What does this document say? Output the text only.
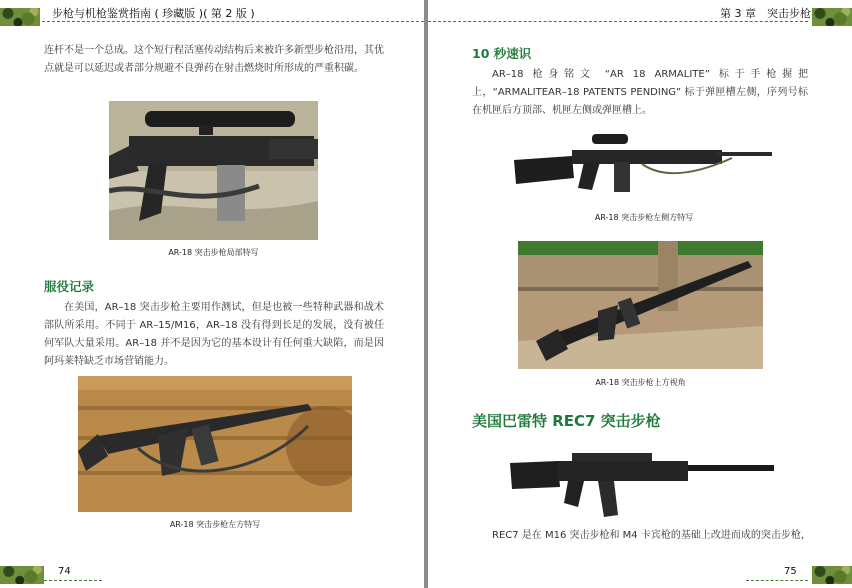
步枪与机枪鉴赏指南 ( 珍藏版 )( 第 2 版 )
连杆不是一个总成。这个短行程活塞传动结构后来被许多新型步枪沿用，其优点就是可以延迟或者部分规避不良弹药在射击燃烧时所形成的严重积碳。
AR-18 突击步枪局部特写
服役记录
在美国，AR–18 突击步枪主要用作测试，但是也被一些特种武器和战术部队所采用。不同于 AR–15/M16，AR–18 没有得到长足的发展，没有被任何军队大量采用。AR–18 并不是因为它的基本设计有任何重大缺陷，而是因阿玛莱特缺乏市场营销能力。
AR-18 突击步枪左方特写
74
第 3 章　突击步枪
10 秒速识
AR–18 枪身铭文 “AR 18 ARMALITE” 标于手枪握把上，“ARMALITEAR–18 PATENTS PENDING” 标于弹匣槽左侧，序列号标在机匣后方顶部、机匣左侧或弹匣槽上。
AR-18 突击步枪左侧方特写
AR-18 突击步枪上方视角
美国巴雷特 REC7 突击步枪
REC7 是在 M16 突击步枪和 M4 卡宾枪的基础上改进而成的突击步枪，
75
